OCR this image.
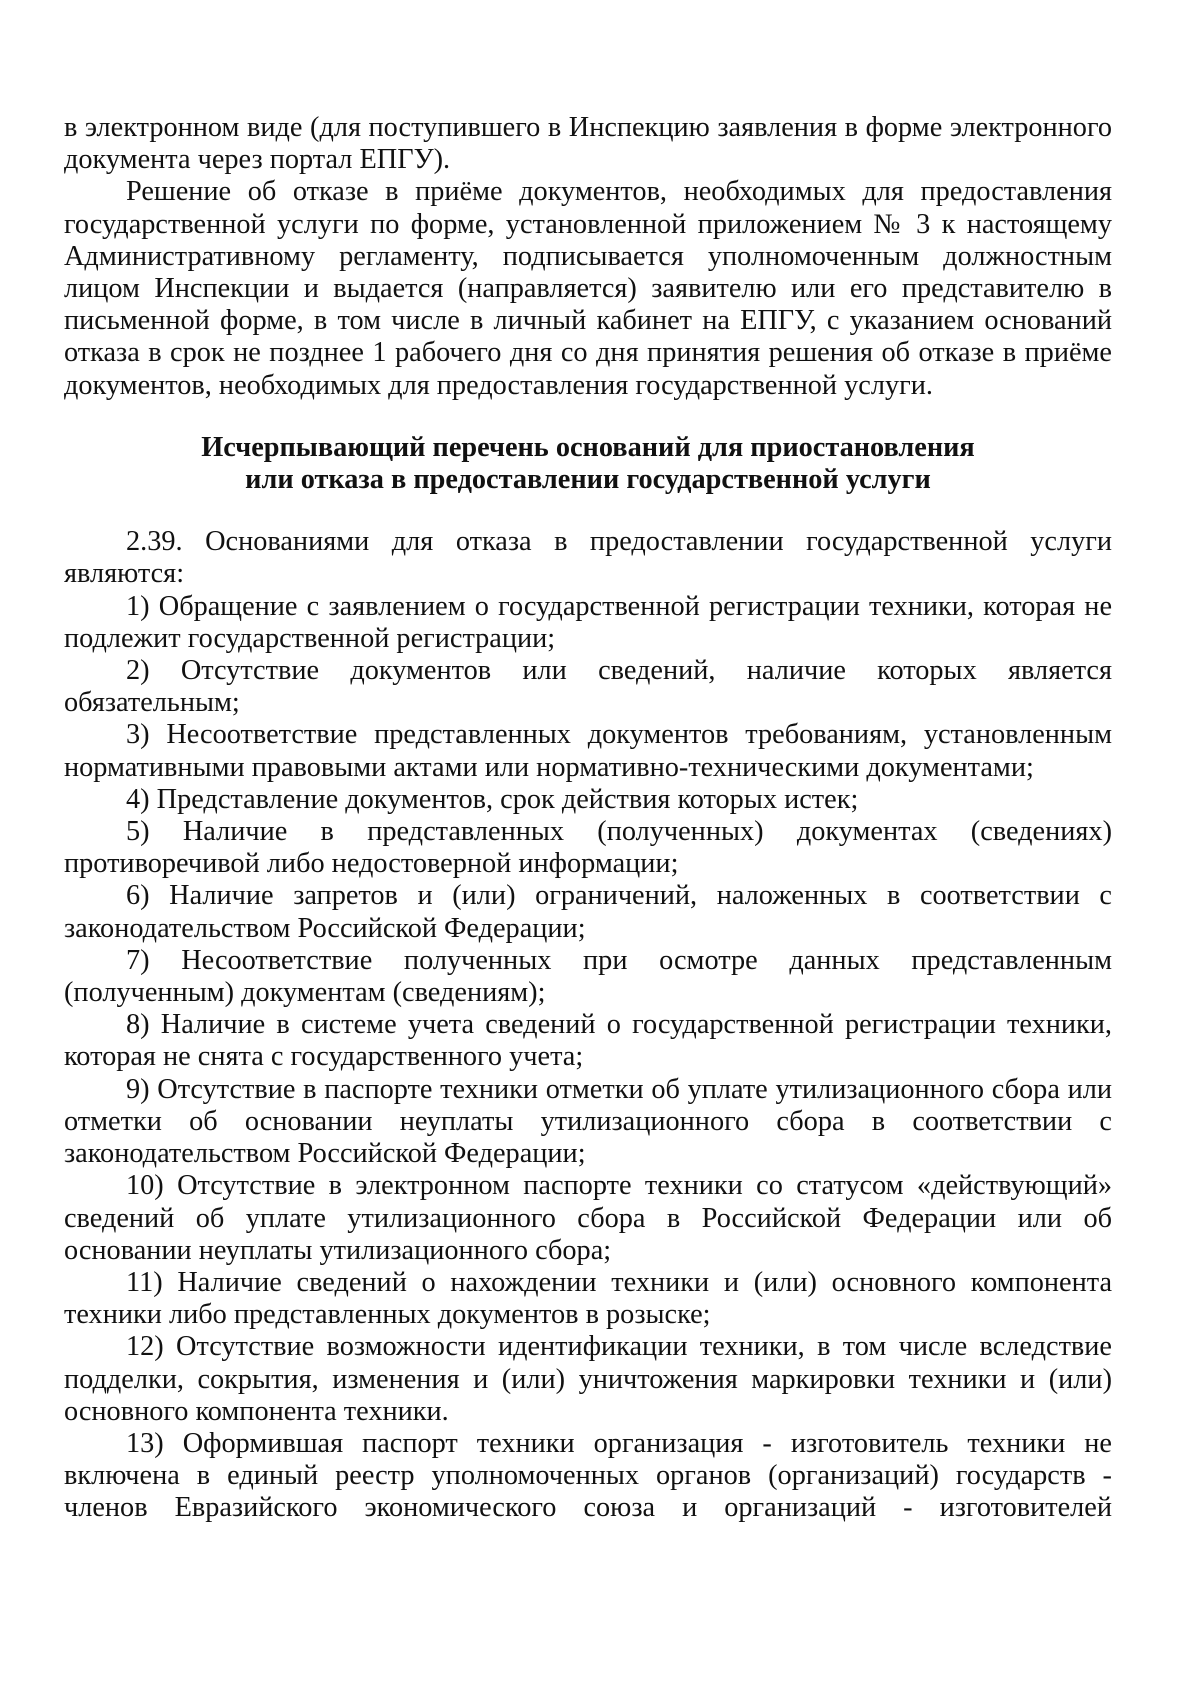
в электронном виде (для поступившего в Инспекцию заявления в форме электронного документа через портал ЕПГУ).

Решение об отказе в приёме документов, необходимых для предоставления государственной услуги по форме, установленной приложением № 3 к настоящему Административному регламенту, подписывается уполномоченным должностным лицом Инспекции и выдается (направляется) заявителю или его представителю в письменной форме, в том числе в личный кабинет на ЕПГУ, с указанием оснований отказа в срок не позднее 1 рабочего дня со дня принятия решения об отказе в приёме документов, необходимых для предоставления государственной услуги.

Исчерпывающий перечень оснований для приостановления
или отказа в предоставлении государственной услуги

2.39. Основаниями для отказа в предоставлении государственной услуги являются:

1) Обращение с заявлением о государственной регистрации техники, которая не подлежит государственной регистрации;

2) Отсутствие документов или сведений, наличие которых является обязательным;

3) Несоответствие представленных документов требованиям, установленным нормативными правовыми актами или нормативно-техническими документами;

4) Представление документов, срок действия которых истек;

5) Наличие в представленных (полученных) документах (сведениях) противоречивой либо недостоверной информации;

6) Наличие запретов и (или) ограничений, наложенных в соответствии с законодательством Российской Федерации;

7) Несоответствие полученных при осмотре данных представленным (полученным) документам (сведениям);

8) Наличие в системе учета сведений о государственной регистрации техники, которая не снята с государственного учета;

9) Отсутствие в паспорте техники отметки об уплате утилизационного сбора или отметки об основании неуплаты утилизационного сбора в соответствии с законодательством Российской Федерации;

10) Отсутствие в электронном паспорте техники со статусом «действующий» сведений об уплате утилизационного сбора в Российской Федерации или об основании неуплаты утилизационного сбора;

11) Наличие сведений о нахождении техники и (или) основного компонента техники либо представленных документов в розыске;

12) Отсутствие возможности идентификации техники, в том числе вследствие подделки, сокрытия, изменения и (или) уничтожения маркировки техники и (или) основного компонента техники.

13) Оформившая паспорт техники организация - изготовитель техники не включена в единый реестр уполномоченных органов (организаций) государств - членов Евразийского экономического союза и организаций - изготовителей
